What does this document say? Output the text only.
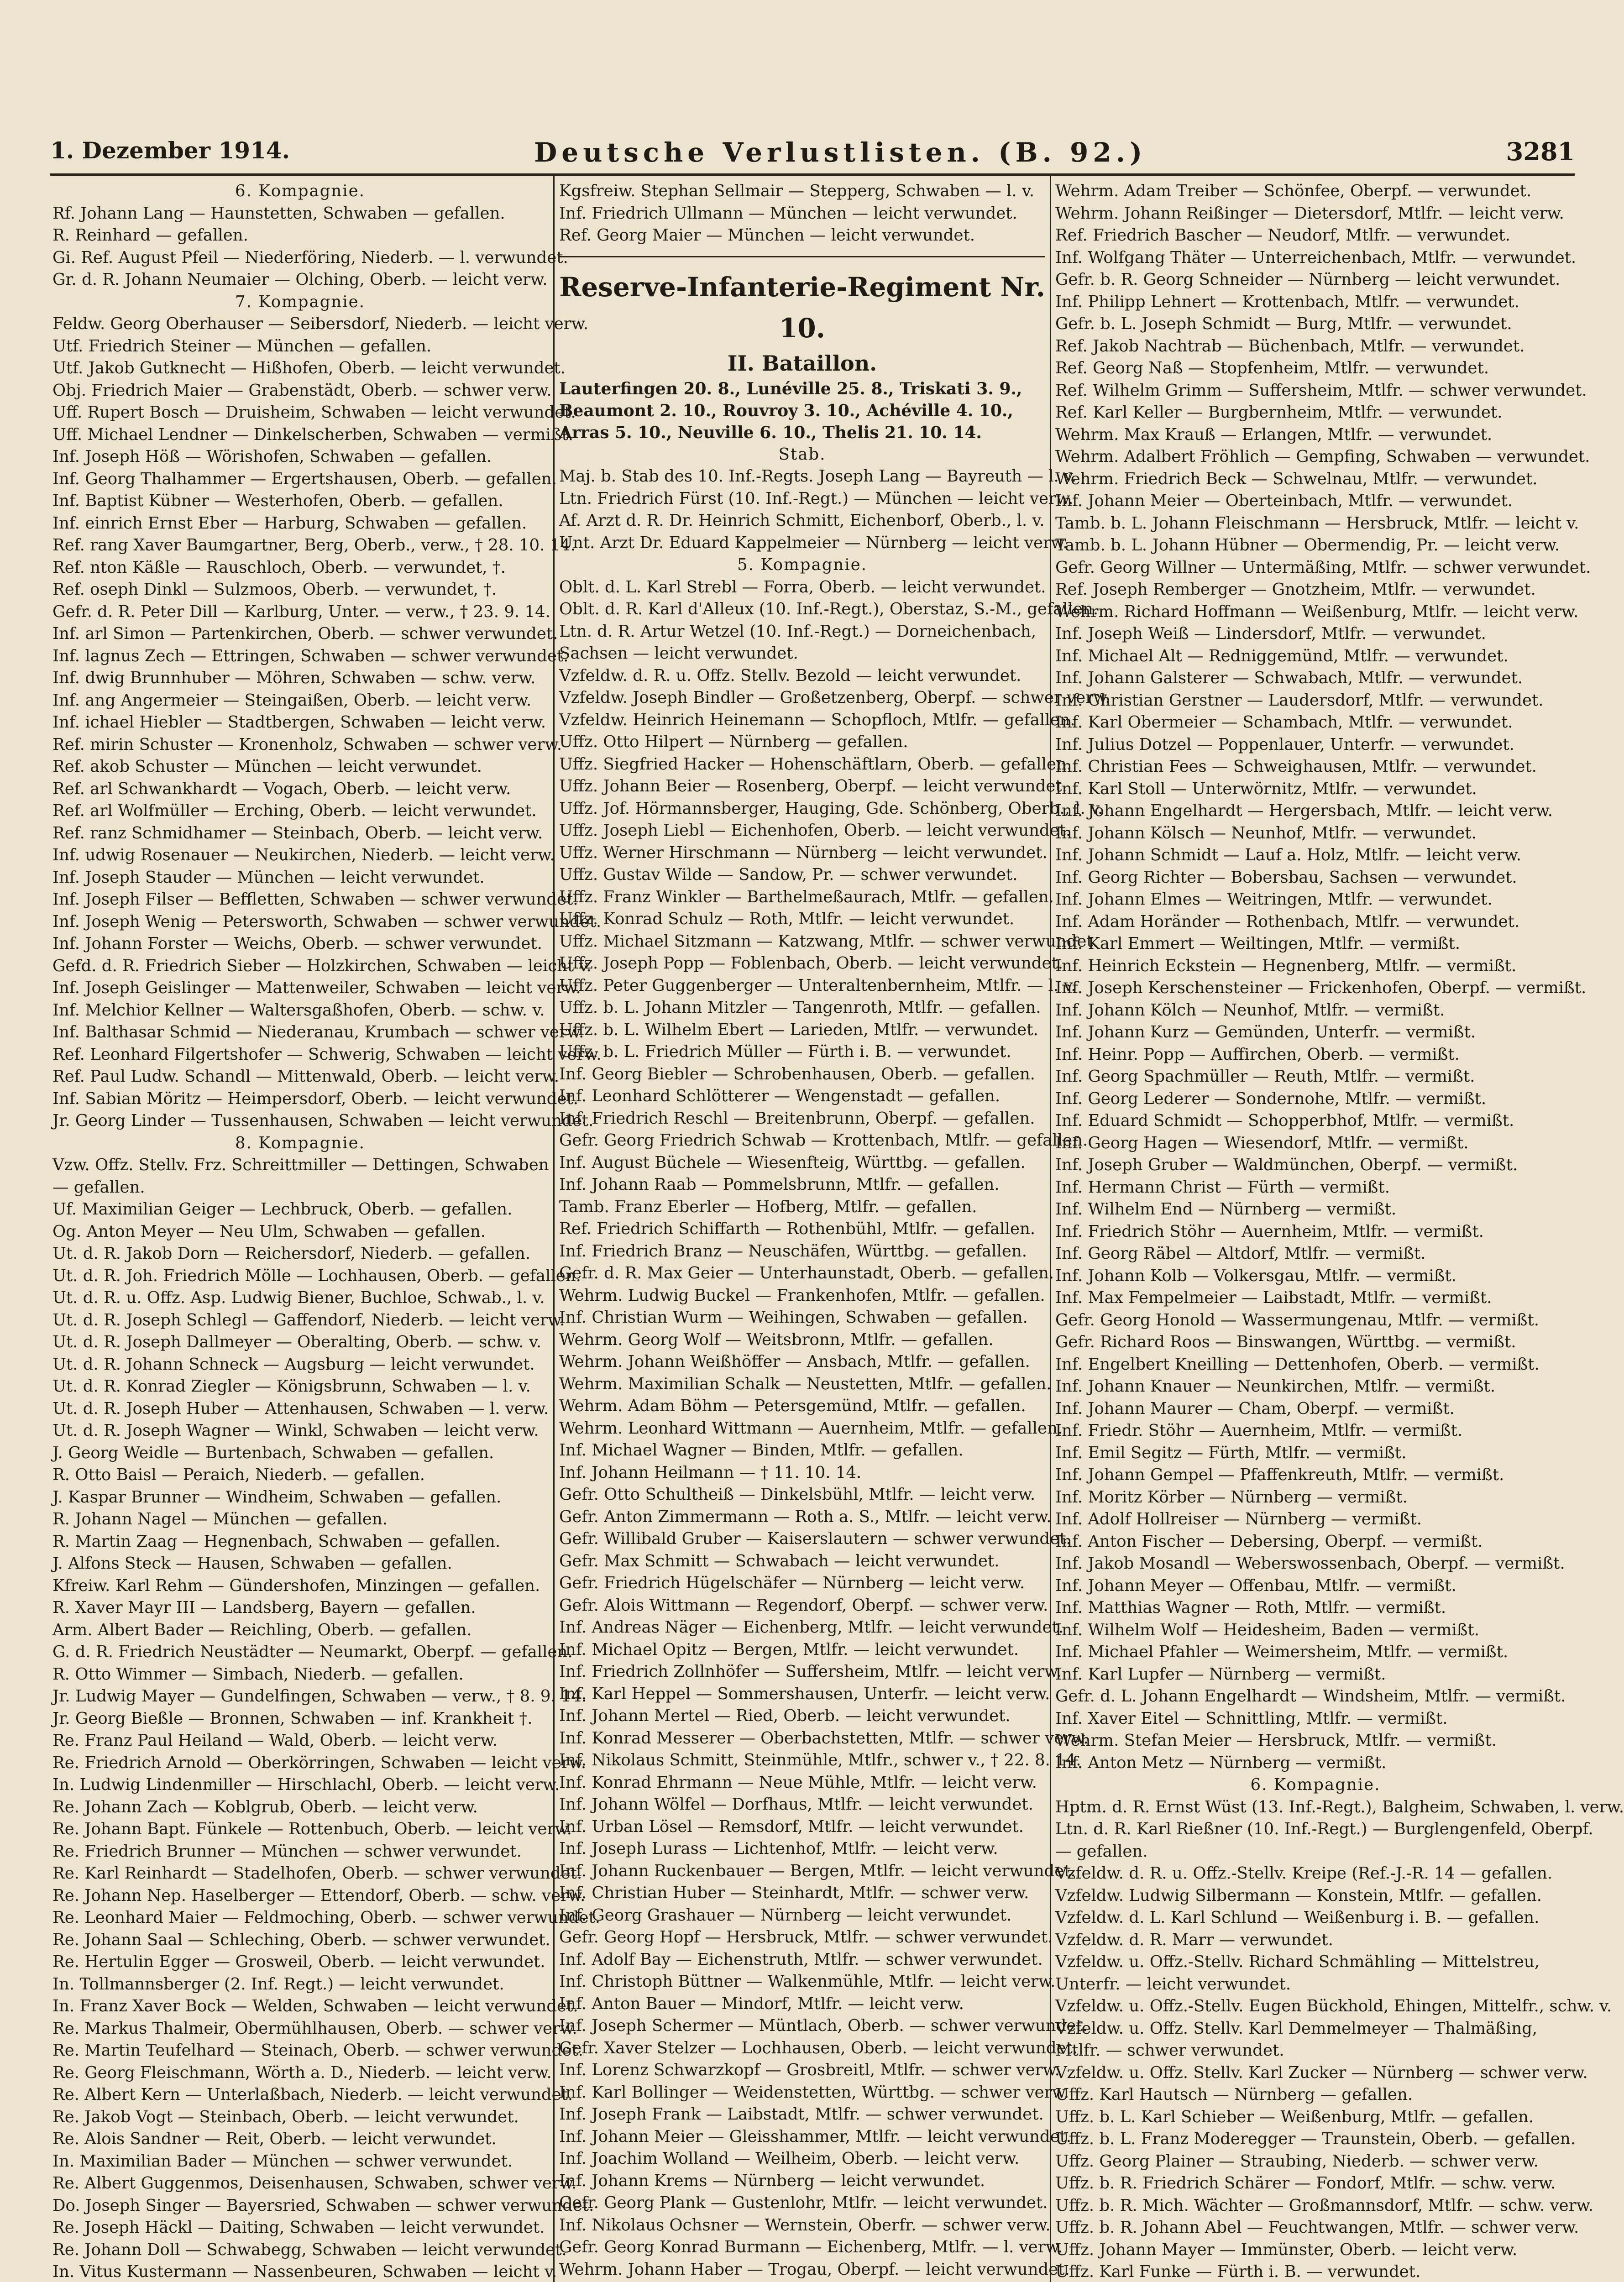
1. Dezember 1914.	Deutsche Verlustlisten. (B. 92.)	3281
6. Kompagnie.
Rf. Johann Lang — Haunstetten, Schwaben — gefallen.
R. Reinhard — gefallen.
Gi. Ref. August Pfeil — Niederföring, Niederb. — l. verwundet.
Gr. d. R. Johann Neumaier — Olching, Oberb. — leicht verw.
7. Kompagnie.
Feldw. Georg Oberhauser — Seibersdorf, Niederb. — leicht verw.
Utf. Friedrich Steiner — München — gefallen.
Utf. Jakob Gutknecht — Hißhofen, Oberb. — leicht verwundet.
Obj. Friedrich Maier — Grabenstädt, Oberb. — schwer verw.
Uff. Rupert Bosch — Druisheim, Schwaben — leicht verwundet.
Uff. Michael Lendner — Dinkelscherben, Schwaben — vermißt.
Inf. Joseph Höß — Wörishofen, Schwaben — gefallen.
Inf. Georg Thalhammer — Ergertshausen, Oberb. — gefallen.
Inf. Baptist Kübner — Westerhofen, Oberb. — gefallen.
Inf. einrich Ernst Eber — Harburg, Schwaben — gefallen.
Ref. rang Xaver Baumgartner, Berg, Oberb., verw., † 28. 10. 14.
Ref. nton Käßle — Rauschloch, Oberb. — verwundet, †.
Ref. oseph Dinkl — Sulzmoos, Oberb. — verwundet, †.
Gefr. d. R. Peter Dill — Karlburg, Unter. — verw., † 23. 9. 14.
Inf. arl Simon — Partenkirchen, Oberb. — schwer verwundet.
Inf. lagnus Zech — Ettringen, Schwaben — schwer verwundet.
Inf. dwig Brunnhuber — Möhren, Schwaben — schw. verw.
Inf. ang Angermeier — Steingaißen, Oberb. — leicht verw.
Inf. ichael Hiebler — Stadtbergen, Schwaben — leicht verw.
Ref. mirin Schuster — Kronenholz, Schwaben — schwer verw.
Ref. akob Schuster — München — leicht verwundet.
Ref. arl Schwankhardt — Vogach, Oberb. — leicht verw.
Ref. arl Wolfmüller — Erching, Oberb. — leicht verwundet.
Ref. ranz Schmidhamer — Steinbach, Oberb. — leicht verw.
Inf. udwig Rosenauer — Neukirchen, Niederb. — leicht verw.
Inf. Joseph Stauder — München — leicht verwundet.
Inf. Joseph Filser — Beffletten, Schwaben — schwer verwundet.
Inf. Joseph Wenig — Petersworth, Schwaben — schwer verwundet.
Inf. Johann Forster — Weichs, Oberb. — schwer verwundet.
Gefd. d. R. Friedrich Sieber — Holzkirchen, Schwaben — leicht v.
Inf. Joseph Geislinger — Mattenweiler, Schwaben — leicht verw.
Inf. Melchior Kellner — Waltersgaßhofen, Oberb. — schw. v.
Inf. Balthasar Schmid — Niederanau, Krumbach — schwer verw.
Ref. Leonhard Filgertshofer — Schwerig, Schwaben — leicht verw.
Ref. Paul Ludw. Schandl — Mittenwald, Oberb. — leicht verw.
Inf. Sabian Möritz — Heimpersdorf, Oberb. — leicht verwundet.
Jr. Georg Linder — Tussenhausen, Schwaben — leicht verwundet.
8. Kompagnie.
Vzw. Offz. Stellv. Frz. Schreittmiller — Dettingen, Schwaben
— gefallen.
Uf. Maximilian Geiger — Lechbruck, Oberb. — gefallen.
Og. Anton Meyer — Neu Ulm, Schwaben — gefallen.
Ut. d. R. Jakob Dorn — Reichersdorf, Niederb. — gefallen.
Ut. d. R. Joh. Friedrich Mölle — Lochhausen, Oberb. — gefallen.
Ut. d. R. u. Offz. Asp. Ludwig Biener, Buchloe, Schwab., l. v.
Ut. d. R. Joseph Schlegl — Gaffendorf, Niederb. — leicht verw.
Ut. d. R. Joseph Dallmeyer — Oberalting, Oberb. — schw. v.
Ut. d. R. Johann Schneck — Augsburg — leicht verwundet.
Ut. d. R. Konrad Ziegler — Königsbrunn, Schwaben — l. v.
Ut. d. R. Joseph Huber — Attenhausen, Schwaben — l. verw.
Ut. d. R. Joseph Wagner — Winkl, Schwaben — leicht verw.
J. Georg Weidle — Burtenbach, Schwaben — gefallen.
R. Otto Baisl — Peraich, Niederb. — gefallen.
J. Kaspar Brunner — Windheim, Schwaben — gefallen.
R. Johann Nagel — München — gefallen.
R. Martin Zaag — Hegnenbach, Schwaben — gefallen.
J. Alfons Steck — Hausen, Schwaben — gefallen.
Kfreiw. Karl Rehm — Gündershofen, Minzingen — gefallen.
R. Xaver Mayr III — Landsberg, Bayern — gefallen.
Arm. Albert Bader — Reichling, Oberb. — gefallen.
G. d. R. Friedrich Neustädter — Neumarkt, Oberpf. — gefallen.
R. Otto Wimmer — Simbach, Niederb. — gefallen.
Jr. Ludwig Mayer — Gundelfingen, Schwaben — verw., † 8. 9. 14.
Jr. Georg Bießle — Bronnen, Schwaben — inf. Krankheit †.
Re. Franz Paul Heiland — Wald, Oberb. — leicht verw.
Re. Friedrich Arnold — Oberkörringen, Schwaben — leicht verw.
In. Ludwig Lindenmiller — Hirschlachl, Oberb. — leicht verw.
Re. Johann Zach — Koblgrub, Oberb. — leicht verw.
Re. Johann Bapt. Fünkele — Rottenbuch, Oberb. — leicht verw.
Re. Friedrich Brunner — München — schwer verwundet.
Re. Karl Reinhardt — Stadelhofen, Oberb. — schwer verwundet.
Re. Johann Nep. Haselberger — Ettendorf, Oberb. — schw. verw.
Re. Leonhard Maier — Feldmoching, Oberb. — schwer verwundet.
Re. Johann Saal — Schleching, Oberb. — schwer verwundet.
Re. Hertulin Egger — Grosweil, Oberb. — leicht verwundet.
In. Tollmannsberger (2. Inf. Regt.) — leicht verwundet.
In. Franz Xaver Bock — Welden, Schwaben — leicht verwundet.
Re. Markus Thalmeir, Obermühlhausen, Oberb. — schwer verw.
Re. Martin Teufelhard — Steinach, Oberb. — schwer verwundet.
Re. Georg Fleischmann, Wörth a. D., Niederb. — leicht verw.
Re. Albert Kern — Unterlaßbach, Niederb. — leicht verwundet.
Re. Jakob Vogt — Steinbach, Oberb. — leicht verwundet.
Re. Alois Sandner — Reit, Oberb. — leicht verwundet.
In. Maximilian Bader — München — schwer verwundet.
Re. Albert Guggenmos, Deisenhausen, Schwaben, schwer verw.
Do. Joseph Singer — Bayersried, Schwaben — schwer verwundet.
Re. Joseph Häckl — Daiting, Schwaben — leicht verwundet.
Re. Johann Doll — Schwabegg, Schwaben — leicht verwundet.
In. Vitus Kustermann — Nassenbeuren, Schwaben — leicht v.
Kgsfreiw. Stephan Sellmair — Stepperg, Schwaben — l. v.
Inf. Friedrich Ullmann — München — leicht verwundet.
Ref. Georg Maier — München — leicht verwundet.
Reserve-Infanterie-Regiment Nr. 10.
II. Bataillon.
Lauterfingen 20. 8., Lunéville 25. 8., Triskati 3. 9., Beaumont 2. 10., Rouvroy 3. 10., Achéville 4. 10., Arras 5. 10., Neuville 6. 10., Thelis 21. 10. 14.
Stab.
Maj. b. Stab des 10. Inf.-Regts. Joseph Lang — Bayreuth — l. v.
Ltn. Friedrich Fürst (10. Inf.-Regt.) — München — leicht verw.
Af. Arzt d. R. Dr. Heinrich Schmitt, Eichenborf, Oberb., l. v.
Unt. Arzt Dr. Eduard Kappelmeier — Nürnberg — leicht verw.
5. Kompagnie.
Oblt. d. L. Karl Strebl — Forra, Oberb. — leicht verwundet.
Oblt. d. R. Karl d'Alleux (10. Inf.-Regt.), Oberstaz, S.-M., gefallen.
Ltn. d. R. Artur Wetzel (10. Inf.-Regt.) — Dorneichenbach,
Sachsen — leicht verwundet.
Vzfeldw. d. R. u. Offz. Stellv. Bezold — leicht verwundet.
Vzfeldw. Joseph Bindler — Großetzenberg, Oberpf. — schwer verw.
Vzfeldw. Heinrich Heinemann — Schopfloch, Mtlfr. — gefallen.
Uffz. Otto Hilpert — Nürnberg — gefallen.
Uffz. Siegfried Hacker — Hohenschäftlarn, Oberb. — gefallen.
Uffz. Johann Beier — Rosenberg, Oberpf. — leicht verwundet.
Uffz. Jof. Hörmannsberger, Hauging, Gde. Schönberg, Oberb., l. v.
Uffz. Joseph Liebl — Eichenhofen, Oberb. — leicht verwundet.
Uffz. Werner Hirschmann — Nürnberg — leicht verwundet.
Uffz. Gustav Wilde — Sandow, Pr. — schwer verwundet.
Uffz. Franz Winkler — Barthelmeßaurach, Mtlfr. — gefallen.
Uffz. Konrad Schulz — Roth, Mtlfr. — leicht verwundet.
Uffz. Michael Sitzmann — Katzwang, Mtlfr. — schwer verwundet.
Uffz. Joseph Popp — Foblenbach, Oberb. — leicht verwundet.
Uffz. Peter Guggenberger — Unteraltenbernheim, Mtlfr. — l. v.
Uffz. b. L. Johann Mitzler — Tangenroth, Mtlfr. — gefallen.
Uffz. b. L. Wilhelm Ebert — Larieden, Mtlfr. — verwundet.
Uffz. b. L. Friedrich Müller — Fürth i. B. — verwundet.
Inf. Georg Biebler — Schrobenhausen, Oberb. — gefallen.
Inf. Leonhard Schlötterer — Wengenstadt — gefallen.
Inf. Friedrich Reschl — Breitenbrunn, Oberpf. — gefallen.
Gefr. Georg Friedrich Schwab — Krottenbach, Mtlfr. — gefallen.
Inf. August Büchele — Wiesenfteig, Württbg. — gefallen.
Inf. Johann Raab — Pommelsbrunn, Mtlfr. — gefallen.
Tamb. Franz Eberler — Hofberg, Mtlfr. — gefallen.
Ref. Friedrich Schiffarth — Rothenbühl, Mtlfr. — gefallen.
Inf. Friedrich Branz — Neuschäfen, Württbg. — gefallen.
Gefr. d. R. Max Geier — Unterhaunstadt, Oberb. — gefallen.
Wehrm. Ludwig Buckel — Frankenhofen, Mtlfr. — gefallen.
Inf. Christian Wurm — Weihingen, Schwaben — gefallen.
Wehrm. Georg Wolf — Weitsbronn, Mtlfr. — gefallen.
Wehrm. Johann Weißhöffer — Ansbach, Mtlfr. — gefallen.
Wehrm. Maximilian Schalk — Neustetten, Mtlfr. — gefallen.
Wehrm. Adam Böhm — Petersgemünd, Mtlfr. — gefallen.
Wehrm. Leonhard Wittmann — Auernheim, Mtlfr. — gefallen.
Inf. Michael Wagner — Binden, Mtlfr. — gefallen.
Inf. Johann Heilmann — † 11. 10. 14.
Gefr. Otto Schultheiß — Dinkelsbühl, Mtlfr. — leicht verw.
Gefr. Anton Zimmermann — Roth a. S., Mtlfr. — leicht verw.
Gefr. Willibald Gruber — Kaiserslautern — schwer verwundet.
Gefr. Max Schmitt — Schwabach — leicht verwundet.
Gefr. Friedrich Hügelschäfer — Nürnberg — leicht verw.
Gefr. Alois Wittmann — Regendorf, Oberpf. — schwer verw.
Inf. Andreas Näger — Eichenberg, Mtlfr. — leicht verwundet.
Inf. Michael Opitz — Bergen, Mtlfr. — leicht verwundet.
Inf. Friedrich Zollnhöfer — Suffersheim, Mtlfr. — leicht verw.
Inf. Karl Heppel — Sommershausen, Unterfr. — leicht verw.
Inf. Johann Mertel — Ried, Oberb. — leicht verwundet.
Inf. Konrad Messerer — Oberbachstetten, Mtlfr. — schwer verw.
Inf. Nikolaus Schmitt, Steinmühle, Mtlfr., schwer v., † 22. 8. 14.
Inf. Konrad Ehrmann — Neue Mühle, Mtlfr. — leicht verw.
Inf. Johann Wölfel — Dorfhaus, Mtlfr. — leicht verwundet.
Inf. Urban Lösel — Remsdorf, Mtlfr. — leicht verwundet.
Inf. Joseph Lurass — Lichtenhof, Mtlfr. — leicht verw.
Inf. Johann Ruckenbauer — Bergen, Mtlfr. — leicht verwundet.
Inf. Christian Huber — Steinhardt, Mtlfr. — schwer verw.
Inf. Georg Grashauer — Nürnberg — leicht verwundet.
Gefr. Georg Hopf — Hersbruck, Mtlfr. — schwer verwundet.
Inf. Adolf Bay — Eichenstruth, Mtlfr. — schwer verwundet.
Inf. Christoph Büttner — Walkenmühle, Mtlfr. — leicht verw.
Inf. Anton Bauer — Mindorf, Mtlfr. — leicht verw.
Inf. Joseph Schermer — Müntlach, Oberb. — schwer verwundet.
Gefr. Xaver Stelzer — Lochhausen, Oberb. — leicht verwundet.
Inf. Lorenz Schwarzkopf — Grosbreitl, Mtlfr. — schwer verw.
Inf. Karl Bollinger — Weidenstetten, Württbg. — schwer verw.
Inf. Joseph Frank — Laibstadt, Mtlfr. — schwer verwundet.
Inf. Johann Meier — Gleisshammer, Mtlfr. — leicht verwundet.
Inf. Joachim Wolland — Weilheim, Oberb. — leicht verw.
Inf. Johann Krems — Nürnberg — leicht verwundet.
Gefr. Georg Plank — Gustenlohr, Mtlfr. — leicht verwundet.
Inf. Nikolaus Ochsner — Wernstein, Oberfr. — schwer verw.
Gefr. Georg Konrad Burmann — Eichenberg, Mtlfr. — l. verw.
Wehrm. Johann Haber — Trogau, Oberpf. — leicht verwundet.
Wehrm. Adam Treiber — Schönfee, Oberpf. — verwundet.
Wehrm. Johann Reißinger — Dietersdorf, Mtlfr. — leicht verw.
Ref. Friedrich Bascher — Neudorf, Mtlfr. — verwundet.
Inf. Wolfgang Thäter — Unterreichenbach, Mtlfr. — verwundet.
Gefr. b. R. Georg Schneider — Nürnberg — leicht verwundet.
Inf. Philipp Lehnert — Krottenbach, Mtlfr. — verwundet.
Gefr. b. L. Joseph Schmidt — Burg, Mtlfr. — verwundet.
Ref. Jakob Nachtrab — Büchenbach, Mtlfr. — verwundet.
Ref. Georg Naß — Stopfenheim, Mtlfr. — verwundet.
Ref. Wilhelm Grimm — Suffersheim, Mtlfr. — schwer verwundet.
Ref. Karl Keller — Burgbernheim, Mtlfr. — verwundet.
Wehrm. Max Krauß — Erlangen, Mtlfr. — verwundet.
Wehrm. Adalbert Fröhlich — Gempfing, Schwaben — verwundet.
Wehrm. Friedrich Beck — Schwelnau, Mtlfr. — verwundet.
Inf. Johann Meier — Oberteinbach, Mtlfr. — verwundet.
Tamb. b. L. Johann Fleischmann — Hersbruck, Mtlfr. — leicht v.
Tamb. b. L. Johann Hübner — Obermendig, Pr. — leicht verw.
Gefr. Georg Willner — Untermäßing, Mtlfr. — schwer verwundet.
Ref. Joseph Remberger — Gnotzheim, Mtlfr. — verwundet.
Wehrm. Richard Hoffmann — Weißenburg, Mtlfr. — leicht verw.
Inf. Joseph Weiß — Lindersdorf, Mtlfr. — verwundet.
Inf. Michael Alt — Redniggemünd, Mtlfr. — verwundet.
Inf. Johann Galsterer — Schwabach, Mtlfr. — verwundet.
Inf. Christian Gerstner — Laudersdorf, Mtlfr. — verwundet.
Inf. Karl Obermeier — Schambach, Mtlfr. — verwundet.
Inf. Julius Dotzel — Poppenlauer, Unterfr. — verwundet.
Inf. Christian Fees — Schweighausen, Mtlfr. — verwundet.
Inf. Karl Stoll — Unterwörnitz, Mtlfr. — verwundet.
Inf. Johann Engelhardt — Hergersbach, Mtlfr. — leicht verw.
Inf. Johann Kölsch — Neunhof, Mtlfr. — verwundet.
Inf. Johann Schmidt — Lauf a. Holz, Mtlfr. — leicht verw.
Inf. Georg Richter — Bobersbau, Sachsen — verwundet.
Inf. Johann Elmes — Weitringen, Mtlfr. — verwundet.
Inf. Adam Horänder — Rothenbach, Mtlfr. — verwundet.
Inf. Karl Emmert — Weiltingen, Mtlfr. — vermißt.
Inf. Heinrich Eckstein — Hegnenberg, Mtlfr. — vermißt.
Inf. Joseph Kerschensteiner — Frickenhofen, Oberpf. — vermißt.
Inf. Johann Kölch — Neunhof, Mtlfr. — vermißt.
Inf. Johann Kurz — Gemünden, Unterfr. — vermißt.
Inf. Heinr. Popp — Auffirchen, Oberb. — vermißt.
Inf. Georg Spachmüller — Reuth, Mtlfr. — vermißt.
Inf. Georg Lederer — Sondernohe, Mtlfr. — vermißt.
Inf. Eduard Schmidt — Schopperbhof, Mtlfr. — vermißt.
Inf. Georg Hagen — Wiesendorf, Mtlfr. — vermißt.
Inf. Joseph Gruber — Waldmünchen, Oberpf. — vermißt.
Inf. Hermann Christ — Fürth — vermißt.
Inf. Wilhelm End — Nürnberg — vermißt.
Inf. Friedrich Stöhr — Auernheim, Mtlfr. — vermißt.
Inf. Georg Räbel — Altdorf, Mtlfr. — vermißt.
Inf. Johann Kolb — Volkersgau, Mtlfr. — vermißt.
Inf. Max Fempelmeier — Laibstadt, Mtlfr. — vermißt.
Gefr. Georg Honold — Wassermungenau, Mtlfr. — vermißt.
Gefr. Richard Roos — Binswangen, Württbg. — vermißt.
Inf. Engelbert Kneilling — Dettenhofen, Oberb. — vermißt.
Inf. Johann Knauer — Neunkirchen, Mtlfr. — vermißt.
Inf. Johann Maurer — Cham, Oberpf. — vermißt.
Inf. Friedr. Stöhr — Auernheim, Mtlfr. — vermißt.
Inf. Emil Segitz — Fürth, Mtlfr. — vermißt.
Inf. Johann Gempel — Pfaffenkreuth, Mtlfr. — vermißt.
Inf. Moritz Körber — Nürnberg — vermißt.
Inf. Adolf Hollreiser — Nürnberg — vermißt.
Inf. Anton Fischer — Debersing, Oberpf. — vermißt.
Inf. Jakob Mosandl — Weberswossenbach, Oberpf. — vermißt.
Inf. Johann Meyer — Offenbau, Mtlfr. — vermißt.
Inf. Matthias Wagner — Roth, Mtlfr. — vermißt.
Inf. Wilhelm Wolf — Heidesheim, Baden — vermißt.
Inf. Michael Pfahler — Weimersheim, Mtlfr. — vermißt.
Inf. Karl Lupfer — Nürnberg — vermißt.
Gefr. d. L. Johann Engelhardt — Windsheim, Mtlfr. — vermißt.
Inf. Xaver Eitel — Schnittling, Mtlfr. — vermißt.
Wehrm. Stefan Meier — Hersbruck, Mtlfr. — vermißt.
Inf. Anton Metz — Nürnberg — vermißt.
6. Kompagnie.
Hptm. d. R. Ernst Wüst (13. Inf.-Regt.), Balgheim, Schwaben, l. verw.
Ltn. d. R. Karl Rießner (10. Inf.-Regt.) — Burglengenfeld, Oberpf.
— gefallen.
Vzfeldw. d. R. u. Offz.-Stellv. Kreipe (Ref.-J.-R. 14 — gefallen.
Vzfeldw. Ludwig Silbermann — Konstein, Mtlfr. — gefallen.
Vzfeldw. d. L. Karl Schlund — Weißenburg i. B. — gefallen.
Vzfeldw. d. R. Marr — verwundet.
Vzfeldw. u. Offz.-Stellv. Richard Schmähling — Mittelstreu,
Unterfr. — leicht verwundet.
Vzfeldw. u. Offz.-Stellv. Eugen Bückhold, Ehingen, Mittelfr., schw. v.
Vzfeldw. u. Offz. Stellv. Karl Demmelmeyer — Thalmäßing,
Mtlfr. — schwer verwundet.
Vzfeldw. u. Offz. Stellv. Karl Zucker — Nürnberg — schwer verw.
Uffz. Karl Hautsch — Nürnberg — gefallen.
Uffz. b. L. Karl Schieber — Weißenburg, Mtlfr. — gefallen.
Uffz. b. L. Franz Moderegger — Traunstein, Oberb. — gefallen.
Uffz. Georg Plainer — Straubing, Niederb. — schwer verw.
Uffz. b. R. Friedrich Schärer — Fondorf, Mtlfr. — schw. verw.
Uffz. b. R. Mich. Wächter — Großmannsdorf, Mtlfr. — schw. verw.
Uffz. b. R. Johann Abel — Feuchtwangen, Mtlfr. — schwer verw.
Uffz. Johann Mayer — Immünster, Oberb. — leicht verw.
Uffz. Karl Funke — Fürth i. B. — verwundet.
